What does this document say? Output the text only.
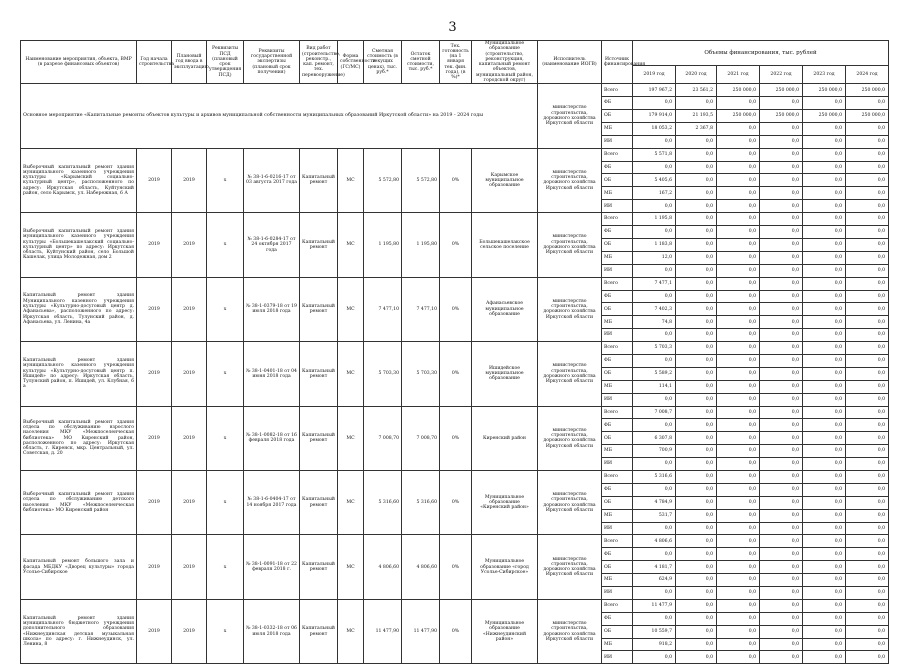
3
Наименование мероприятия, объекта, ВМР (в разрезе финансовых объектов)	Год начала строительства	Плановый год ввода в эксплуатацию	Реквизиты ПСД (плановый срок утверждения ПСД)	Реквизиты государственной экспертизы (плановый срок получения)	Вид работ (строительство, реконстр., кап. ремонт, тех. перевооружение)	Форма собственности (ГС/МС)	Сметная стоимость (в текущих ценах), тыс. руб.*	Остаток сметной стоимости, тыс. руб.*	Тех. готовность (на 1 января тек. фин. года), (в %)*	Муниципальное образование (строительство, реконструкция, капитальный ремонт объектов, муниципальный район, городской округ)	Исполнитель (наименование ИОГВ)	Источник финансирования	Объемы финансирования, тыс. рублей					
													2019 год	2020 год	2021 год	2022 год	2023 год	2024 год
Основное мероприятие «Капитальные ремонты объектов культуры и архивов муниципальной собственности муниципальных образований Иркутской области» на 2019 - 2024 годы											министерство строительства, дорожного хозяйства Иркутской области	Всего	197 967,2	23 561,2	250 000,0	250 000,0	250 000,0	250 000,0
												ФБ	0,0	0,0	0,0	0,0	0,0	0,0
												ОБ	179 914,0	21 193,5	250 000,0	250 000,0	250 000,0	250 000,0
												МБ	18 053,2	2 367,8	0,0	0,0	0,0	0,0
												ИИ	0,0	0,0	0,0	0,0	0,0	0,0
Выборочный капитальный ремонт здания муниципального казенного учреждения культуры «Карымский социально-культурный центр», расположенного по адресу: Иркутская область, Куйтунский район, село Карымск, ул. Набережная, 6 А	2019	2019	х	№ 38-1-6-0216-17 от 03 августа 2017 года	Капитальный ремонт	МС	5 572,80	5 572,80	0%	Карымское муниципальное образование	министерство строительства, дорожного хозяйства Иркутской области	Всего	5 571,8	0,0	0,0	0,0	0,0	0,0
												ФБ	0,0	0,0	0,0	0,0	0,0	0,0
												ОБ	5 405,6	0,0	0,0	0,0	0,0	0,0
												МБ	167,2	0,0	0,0	0,0	0,0	0,0
												ИИ	0,0	0,0	0,0	0,0	0,0	0,0
Выборочный капитальный ремонт здания муниципального казенного учреждения культуры «Большекашелакский социально-культурный центр» по адресу: Иркутская область, Куйтунский район, село Большой Кашелак, улица Молодежная, дом 2	2019	2019	х	№ 38-1-6-0284-17 от 24 октября 2017 года	Капитальный ремонт	МС	1 195,80	1 195,80	0%	Большекашелакское сельское поселение	министерство строительства, дорожного хозяйства Иркутской области	Всего	1 195,8	0,0	0,0	0,0	0,0	0,0
												ФБ	0,0	0,0	0,0	0,0	0,0	0,0
												ОБ	1 183,8	0,0	0,0	0,0	0,0	0,0
												МБ	12,0	0,0	0,0	0,0	0,0	0,0
												ИИ	0,0	0,0	0,0	0,0	0,0	0,0
Капитальный ремонт здания Муниципального казенного учреждения культуры «Культурно-досуговый центр д. Афанасьева», расположенного по адресу: Иркутская область, Тулунский район, д. Афанасьева, ул. Ленина, 4а	2019	2019	х	№ 38-1-0379-18 от 19 июля 2018 года	Капитальный ремонт	МС	7 477,10	7 477,10	0%	Афанасьевское муниципальное образование	министерство строительства, дорожного хозяйства Иркутской области	Всего	7 477,1	0,0	0,0	0,0	0,0	0,0
												ФБ	0,0	0,0	0,0	0,0	0,0	0,0
												ОБ	7 402,3	0,0	0,0	0,0	0,0	0,0
												МБ	74,8	0,0	0,0	0,0	0,0	0,0
												ИИ	0,0	0,0	0,0	0,0	0,0	0,0
Капитальный ремонт здания муниципального казенного учреждения культуры «Культурно-досуговый центр п. Ишидей» по адресу: Иркутская область, Тулунский район, п. Ишидей, ул. Клубная, 6 а	2019	2019	х	№ 38-1-0401-18 от 04 июня 2018 года	Капитальный ремонт	МС	5 703,30	5 703,30	0%	Ишидейское муниципальное образование	министерство строительства, дорожного хозяйства Иркутской области	Всего	5 703,3	0,0	0,0	0,0	0,0	0,0
												ФБ	0,0	0,0	0,0	0,0	0,0	0,0
												ОБ	5 589,2	0,0	0,0	0,0	0,0	0,0
												МБ	114,1	0,0	0,0	0,0	0,0	0,0
												ИИ	0,0	0,0	0,0	0,0	0,0	0,0
Выборочный капитальный ремонт здания отдела по обслуживанию взрослого населения МКУ «Межпоселенческая библиотека» МО Киренский район, расположенного по адресу: Иркутская область, г. Киренск, мкр. Центральный, ул. Советская, д. 20	2019	2019	х	№ 38-1-0082-18 от 16 февраля 2018 года	Капитальный ремонт	МС	7 008,70	7 008,70	0%	Киренский район	министерство строительства, дорожного хозяйства Иркутской области	Всего	7 008,7	0,0	0,0	0,0	0,0	0,0
												ФБ	0,0	0,0	0,0	0,0	0,0	0,0
												ОБ	6 307,8	0,0	0,0	0,0	0,0	0,0
												МБ	700,9	0,0	0,0	0,0	0,0	0,0
												ИИ	0,0	0,0	0,0	0,0	0,0	0,0
Выборочный капитальный ремонт здания отдела по обслуживанию детского населения МКУ «Межпоселенческая библиотека» МО Киренский район	2019	2019	х	№ 38-1-6-0404-17 от 14 ноября 2017 года	Капитальный ремонт	МС	5 316,60	5 316,60	0%	Муниципальное образование «Киренский район»	министерство строительства, дорожного хозяйства Иркутской области	Всего	5 316,6	0,0	0,0	0,0	0,0	0,0
												ФБ	0,0	0,0	0,0	0,0	0,0	0,0
												ОБ	4 784,9	0,0	0,0	0,0	0,0	0,0
												МБ	531,7	0,0	0,0	0,0	0,0	0,0
												ИИ	0,0	0,0	0,0	0,0	0,0	0,0
Капитальный ремонт большого зала и фасада МБДКУ «Дворец культуры» города Усолье-Сибирское	2019	2019	х	№ 38-1-0091-18 от 22 февраля 2018 г.	Капитальный ремонт	МС	4 806,60	4 806,60	0%	Муниципальное образование «город Усолье-Сибирское»	министерство строительства, дорожного хозяйства Иркутской области	Всего	4 806,6	0,0	0,0	0,0	0,0	0,0
												ФБ	0,0	0,0	0,0	0,0	0,0	0,0
												ОБ	4 181,7	0,0	0,0	0,0	0,0	0,0
												МБ	624,9	0,0	0,0	0,0	0,0	0,0
												ИИ	0,0	0,0	0,0	0,0	0,0	0,0
Капитальный ремонт здания муниципального бюджетного учреждения дополнительного образования «Нижнеудинская детская музыкальная школа» по адресу: г. Нижнеудинск, ул. Ленина, 8	2019	2019	х	№ 38-1-0332-18 от 06 июля 2018 года	Капитальный ремонт	МС	11 477,90	11 477,90	0%	Муниципальное образование «Нижнеудинский район»	министерство строительства, дорожного хозяйства Иркутской области	Всего	11 477,9	0,0	0,0	0,0	0,0	0,0
												ФБ	0,0	0,0	0,0	0,0	0,0	0,0
												ОБ	10 559,7	0,0	0,0	0,0	0,0	0,0
												МБ	918,2	0,0	0,0	0,0	0,0	0,0
												ИИ	0,0	0,0	0,0	0,0	0,0	0,0
